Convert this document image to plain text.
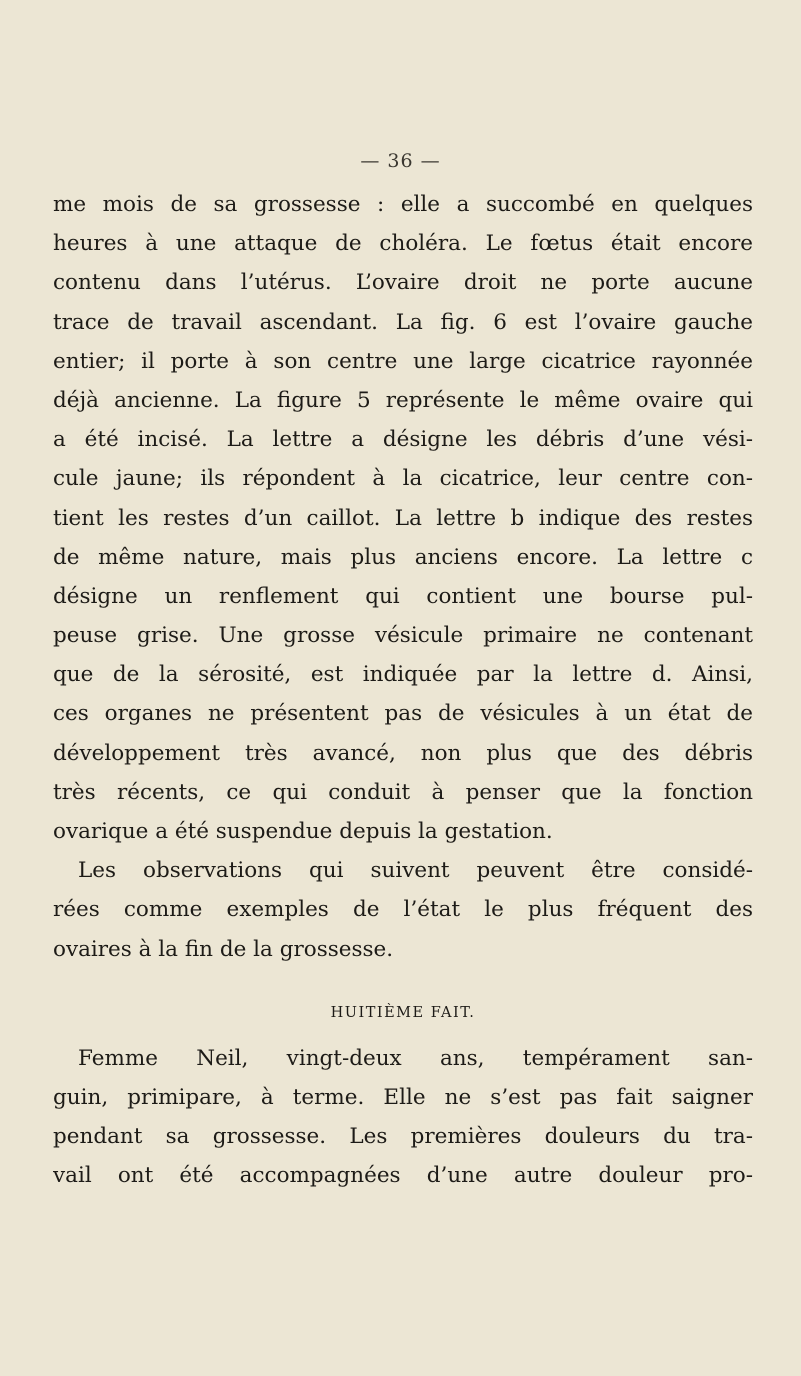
— 36 —
me mois de sa grossesse : elle a succombé en quelques
heures à une attaque de choléra. Le fœtus était encore
contenu dans l’utérus. L’ovaire droit ne porte aucune
trace de travail ascendant. La fig. 6 est l’ovaire gauche
entier; il porte à son centre une large cicatrice rayonnée
déjà ancienne. La figure 5 représente le même ovaire qui
a été incisé. La lettre a désigne les débris d’une vési-
cule jaune; ils répondent à la cicatrice, leur centre con-
tient les restes d’un caillot. La lettre b indique des restes
de même nature, mais plus anciens encore. La lettre c
désigne un renflement qui contient une bourse pul-
peuse grise. Une grosse vésicule primaire ne contenant
que de la sérosité, est indiquée par la lettre d. Ainsi,
ces organes ne présentent pas de vésicules à un état de
développement très avancé, non plus que des débris
très récents, ce qui conduit à penser que la fonction
ovarique a été suspendue depuis la gestation.
Les observations qui suivent peuvent être considé-
rées comme exemples de l’état le plus fréquent des
ovaires à la fin de la grossesse.
HUITIÈME FAIT.
Femme Neil, vingt-deux ans, tempérament san-
guin, primipare, à terme. Elle ne s’est pas fait saigner
pendant sa grossesse. Les premières douleurs du tra-
vail ont été accompagnées d’une autre douleur pro-
